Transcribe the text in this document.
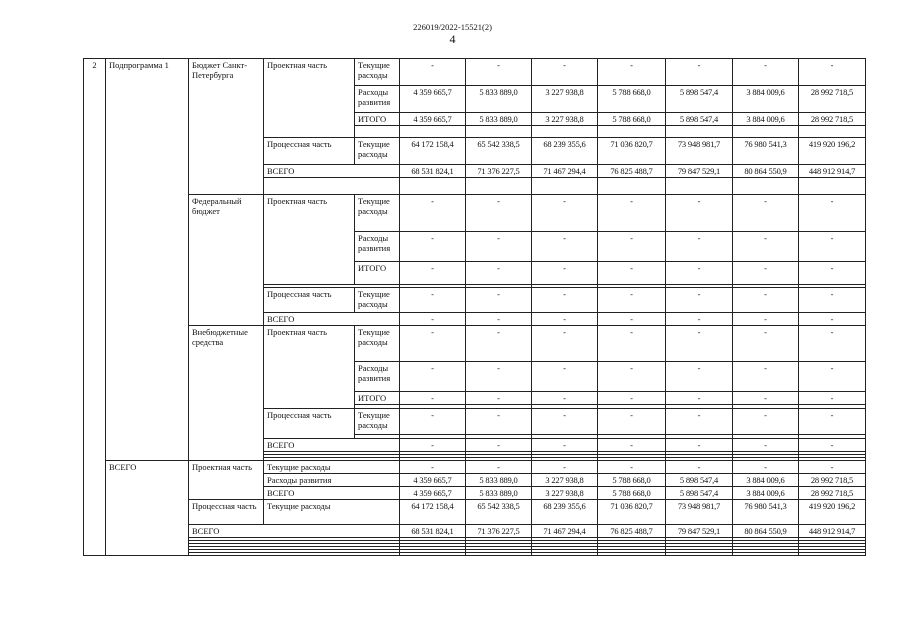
226019/2022-15521(2)
4
2	Подпрограмма 1	Бюджет Санкт-Петербурга	Проектная часть	Текущие расходы	-	-	-	-	-	-	-
				Расходы развития	4 359 665,7	5 833 889,0	3 227 938,8	5 788 668,0	5 898 547,4	3 884 009,6	28 992 718,5
				ИТОГО	4 359 665,7	5 833 889,0	3 227 938,8	5 788 668,0	5 898 547,4	3 884 009,6	28 992 718,5

			Процессная часть	Текущие расходы	64 172 158,4	65 542 338,5	68 239 355,6	71 036 820,7	73 948 981,7	76 980 541,3	419 920 196,2
			ВСЕГО		68 531 824,1	71 376 227,5	71 467 294,4	76 825 488,7	79 847 529,1	80 864 550,9	448 912 914,7

		Федеральный бюджет	Проектная часть	Текущие расходы	-	-	-	-	-	-	-
				Расходы развития	-	-	-	-	-	-	-
				ИТОГО	-	-	-	-	-	-	-

			Процессная часть	Текущие расходы	-	-	-	-	-	-	-
			ВСЕГО		-	-	-	-	-	-	-
		Внебюджетные средства	Проектная часть	Текущие расходы	-	-	-	-	-	-	-
				Расходы развития	-	-	-	-	-	-	-
				ИТОГО	-	-	-	-	-	-	-

			Процессная часть	Текущие расходы	-	-	-	-	-	-	-

			ВСЕГО		-	-	-	-	-	-	-

	ВСЕГО	Проектная часть	Текущие расходы		-	-	-	-	-	-	-
			Расходы развития		4 359 665,7	5 833 889,0	3 227 938,8	5 788 668,0	5 898 547,4	3 884 009,6	28 992 718,5
			ВСЕГО		4 359 665,7	5 833 889,0	3 227 938,8	5 788 668,0	5 898 547,4	3 884 009,6	28 992 718,5
		Процессная часть	Текущие расходы		64 172 158,4	65 542 338,5	68 239 355,6	71 036 820,7	73 948 981,7	76 980 541,3	419 920 196,2
		ВСЕГО			68 531 824,1	71 376 227,5	71 467 294,4	76 825 488,7	79 847 529,1	80 864 550,9	448 912 914,7
